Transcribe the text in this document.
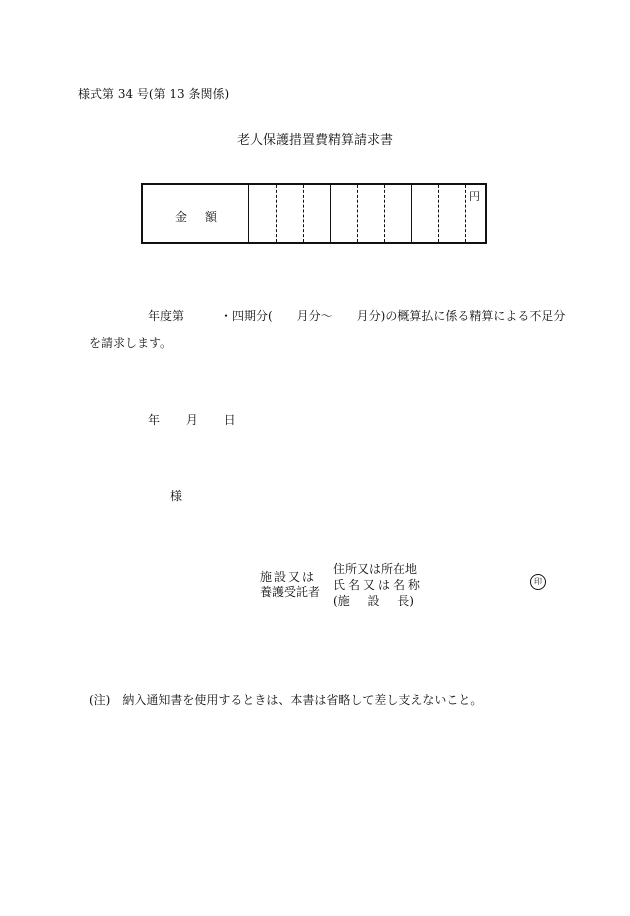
様式第 34 号(第 13 条関係)
老人保護措置費精算請求書
金額
円
年度第　　　・四期分(　　月分〜　　月分)の概算払に係る精算による不足分
を請求します。
年 月 日
様
施設又は
養護受託者
住所又は所在地
氏名又は名称
(施 設 長)
印
(注) 納入通知書を使用するときは、本書は省略して差し支えないこと。
